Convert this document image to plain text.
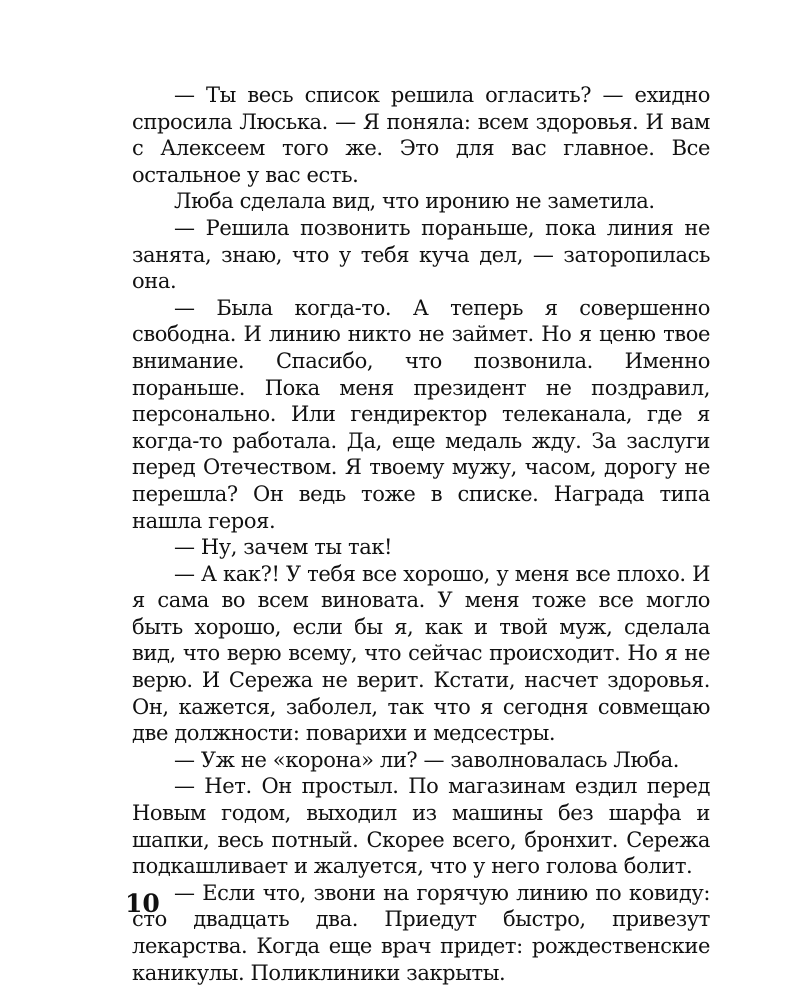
— Ты весь список решила огласить? — ехидно спросила Люська. — Я поняла: всем здоровья. И вам с Алексеем того же. Это для вас главное. Все остальное у вас есть.

Люба сделала вид, что иронию не заметила.

— Решила позвонить пораньше, пока линия не занята, знаю, что у тебя куча дел, — заторопилась она.

— Была когда-то. А теперь я совершенно свободна. И линию никто не займет. Но я ценю твое внимание. Спасибо, что позвонила. Именно пораньше. Пока меня президент не поздравил, персонально. Или гендиректор телеканала, где я когда-то работала. Да, еще медаль жду. За заслуги перед Отечеством. Я твоему мужу, часом, дорогу не перешла? Он ведь тоже в списке. Награда типа нашла героя.

— Ну, зачем ты так!

— А как?! У тебя все хорошо, у меня все плохо. И я сама во всем виновата. У меня тоже все могло быть хорошо, если бы я, как и твой муж, сделала вид, что верю всему, что сейчас происходит. Но я не верю. И Сережа не верит. Кстати, насчет здоровья. Он, кажется, заболел, так что я сегодня совмещаю две должности: поварихи и медсестры.

— Уж не «корона» ли? — заволновалась Люба.

— Нет. Он простыл. По магазинам ездил перед Новым годом, выходил из машины без шарфа и шапки, весь потный. Скорее всего, бронхит. Сережа подкашливает и жалуется, что у него голова болит.

— Если что, звони на горячую линию по ковиду: сто двадцать два. Приедут быстро, привезут лекарства. Когда еще врач придет: рождественские каникулы. Поликлиники закрыты.

10
